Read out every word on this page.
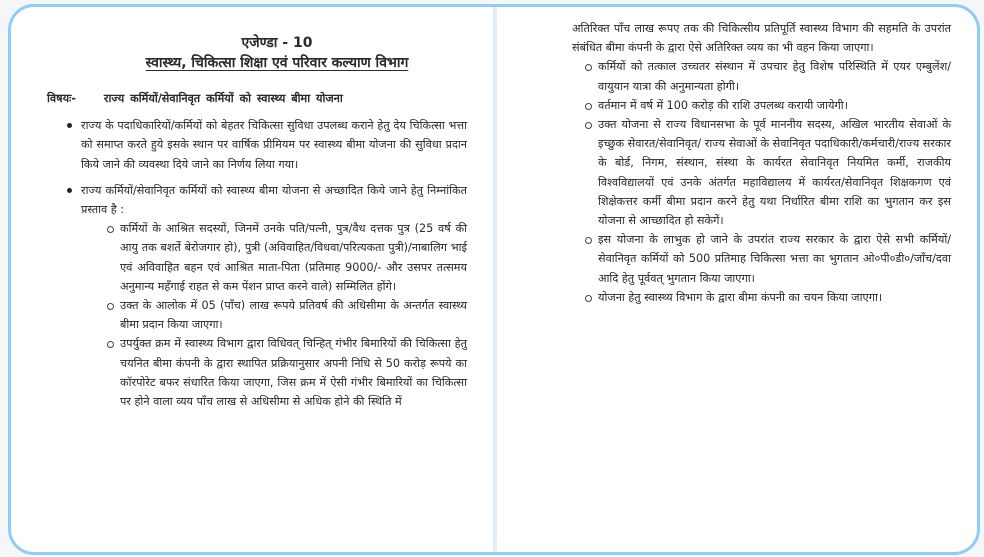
एजेण्डा - 10
स्वास्थ्य, चिकित्सा शिक्षा एवं परिवार कल्याण विभाग
विषयः- राज्य कर्मियों/सेवानिवृत कर्मियों को स्वास्थ्य बीमा योजना
राज्य के पदाधिकारियों/कर्मियों को बेहतर चिकित्सा सुविधा उपलब्ध कराने हेतु देय चिकित्सा भत्ता को समाप्त करते हुये इसके स्थान पर वार्षिक प्रीमियम पर स्वास्थ्य बीमा योजना की सुविधा प्रदान किये जाने की व्यवस्था दिये जाने का निर्णय लिया गया।
राज्य कर्मियों/सेवानिवृत कर्मियों को स्वास्थ्य बीमा योजना से अच्छादित किये जाने हेतु निम्नांकित प्रस्ताव है :
कर्मियों के आश्रित सदस्यों, जिनमें उनके पति/पत्नी, पुत्र/वैध दत्तक पुत्र (25 वर्ष की आयु तक बशर्ते बेरोजगार हो), पुत्री (अविवाहित/विधवा/परित्यकता पुत्री)/नाबालिग भाई एवं अविवाहित बहन एवं आश्रित माता-पिता (प्रतिमाह 9000/- और उसपर तत्समय अनुमान्य महँगाई राहत से कम पेंशन प्राप्त करने वाले) सम्मिलित होंगे।
उक्त के आलोक में 05 (पाँच) लाख रूपये प्रतिवर्ष की अधिसीमा के अन्तर्गत स्वास्थ्य बीमा प्रदान किया जाएगा।
उपर्युक्त क्रम में स्वास्थ्य विभाग द्वारा विधिवत् चिन्हित् गंभीर बिमारियों की चिकित्सा हेतु चयनित बीमा कंपनी के द्वारा स्थापित प्रक्रियानुसार अपनी निधि से 50 करोड़ रूपये का कॉरपोरेट बफर संधारित किया जाएगा, जिस क्रम में ऐसी गंभीर बिमारियों का चिकित्सा पर होने वाला व्यय पाँच लाख से अधिसीमा से अधिक होने की स्थिति में
अतिरिक्त पाँच लाख रूपए तक की चिकित्सीय प्रतिपूर्ति स्वास्थ्य विभाग की सहमति के उपरांत संबंधित बीमा कंपनी के द्वारा ऐसे अतिरिक्त व्यय का भी वहन किया जाएगा।
कर्मियों को तत्काल उच्चतर संस्थान में उपचार हेतु विशेष परिस्थिति में एयर एम्बुलेंश/वायुयान यात्रा की अनुमान्यता होगी।
वर्तमान में वर्ष में 100 करोड़ की राशि उपलब्ध करायी जायेगी।
उक्त योजना से राज्य विधानसभा के पूर्व माननीय सदस्य, अखिल भारतीय सेवाओं के इच्छुक सेवारत/सेवानिवृत/ राज्य सेवाओं के सेवानिवृत पदाधिकारी/कर्मचारी/राज्य सरकार के बोर्ड, निगम, संस्थान, संस्था के कार्यरत सेवानिवृत नियमित कर्मी, राजकीय विश्वविद्यालयों एवं उनके अंतर्गत महाविद्यालय में कार्यरत/सेवानिवृत शिक्षकगण एवं शिक्षेकत्तर कर्मी बीमा प्रदान करने हेतु यथा निर्धारित बीमा राशि का भुगतान कर इस योजना से आच्छादित हो सकेगें।
इस योजना के लाभुक हो जाने के उपरांत राज्य सरकार के द्वारा ऐसे सभी कर्मियों/सेवानिवृत कर्मियों को 500 प्रतिमाह चिकित्सा भत्ता का भुगतान ओ०पी०डी०/जाँच/दवा आदि हेतु पूर्ववत् भुगतान किया जाएगा।
योजना हेतु स्वास्थ्य विभाग के द्वारा बीमा कंपनी का चयन किया जाएगा।
